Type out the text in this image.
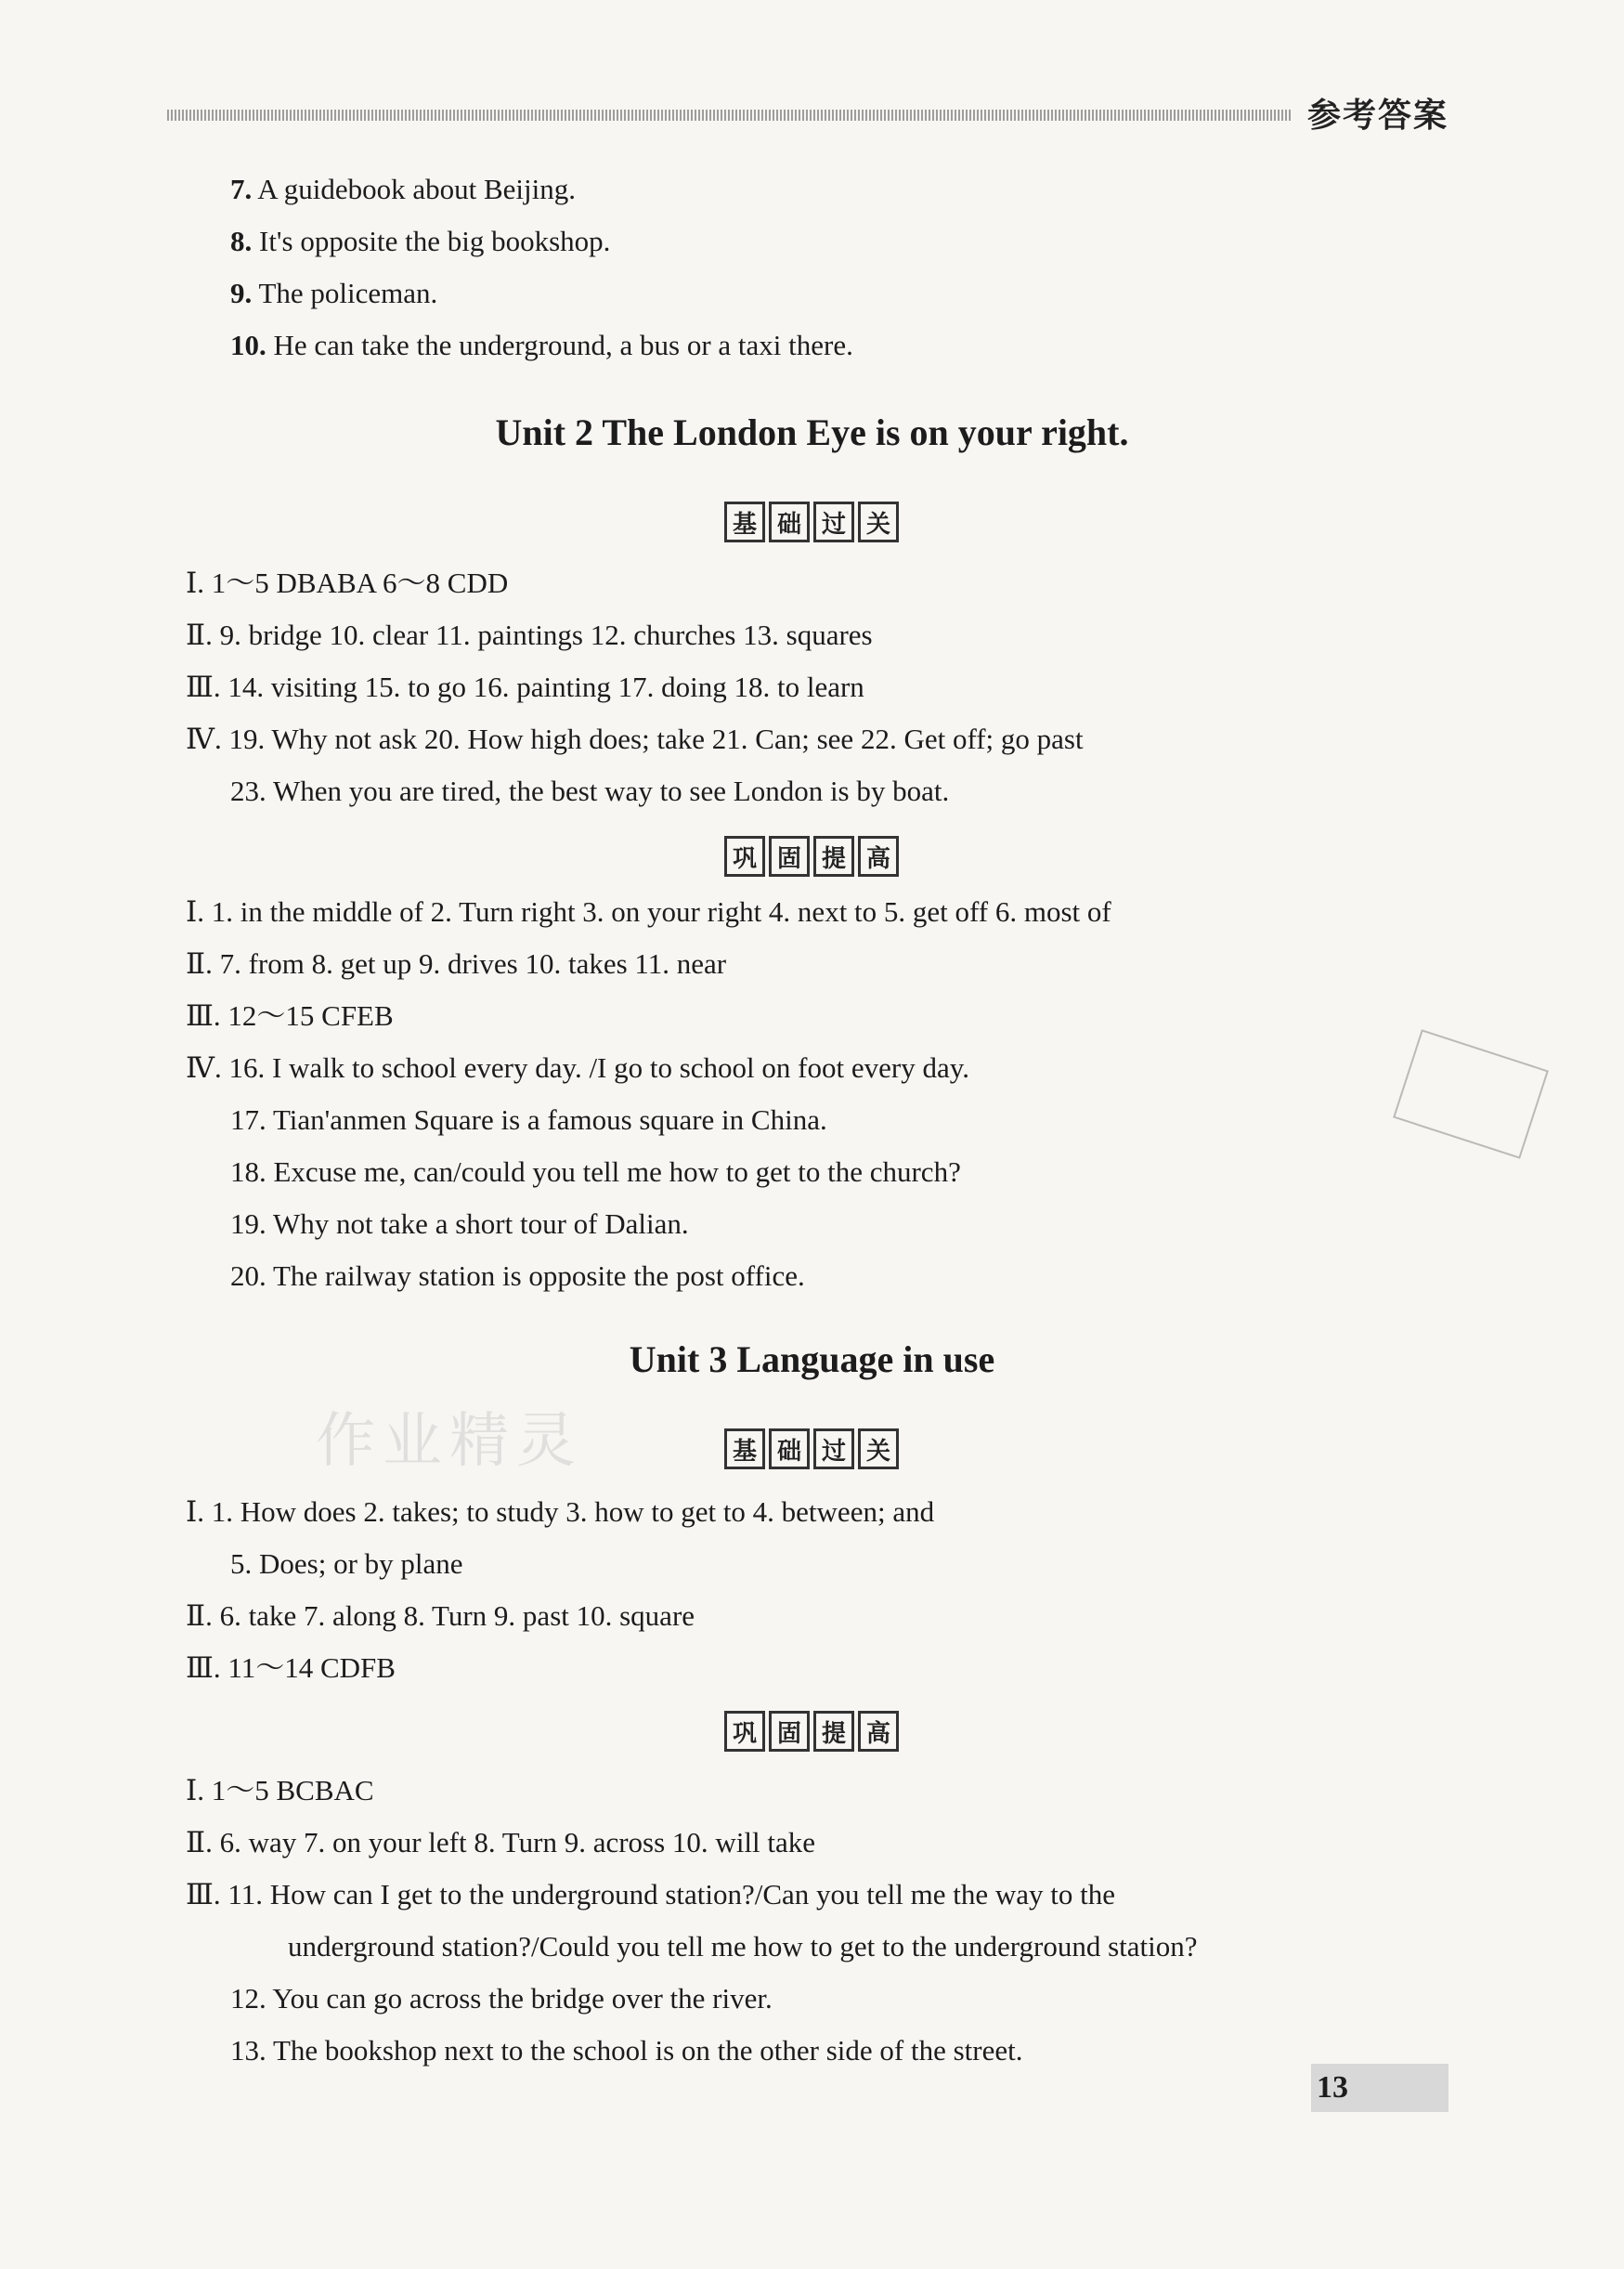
参考答案
7. A guidebook about Beijing.
8. It's opposite the big bookshop.
9. The policeman.
10. He can take the underground, a bus or a taxi there.
Unit 2 The London Eye is on your right.
基 础 过 关
Ⅰ. 1～5 DBABA 6～8 CDD
Ⅱ. 9. bridge 10. clear 11. paintings 12. churches 13. squares
Ⅲ. 14. visiting 15. to go 16. painting 17. doing 18. to learn
Ⅳ. 19. Why not ask 20. How high does; take 21. Can; see 22. Get off; go past
23. When you are tired, the best way to see London is by boat.
巩 固 提 高
Ⅰ. 1. in the middle of 2. Turn right 3. on your right 4. next to 5. get off 6. most of
Ⅱ. 7. from 8. get up 9. drives 10. takes 11. near
Ⅲ. 12～15 CFEB
Ⅳ. 16. I walk to school every day. /I go to school on foot every day.
17. Tian'anmen Square is a famous square in China.
18. Excuse me, can/could you tell me how to get to the church?
19. Why not take a short tour of Dalian.
20. The railway station is opposite the post office.
Unit 3 Language in use
基 础 过 关
Ⅰ. 1. How does 2. takes; to study 3. how to get to 4. between; and
5. Does; or by plane
Ⅱ. 6. take 7. along 8. Turn 9. past 10. square
Ⅲ. 11～14 CDFB
巩 固 提 高
Ⅰ. 1～5 BCBAC
Ⅱ. 6. way 7. on your left 8. Turn 9. across 10. will take
Ⅲ. 11. How can I get to the underground station?/Can you tell me the way to the
underground station?/Could you tell me how to get to the underground station?
12. You can go across the bridge over the river.
13. The bookshop next to the school is on the other side of the street.
作业精灵
13
